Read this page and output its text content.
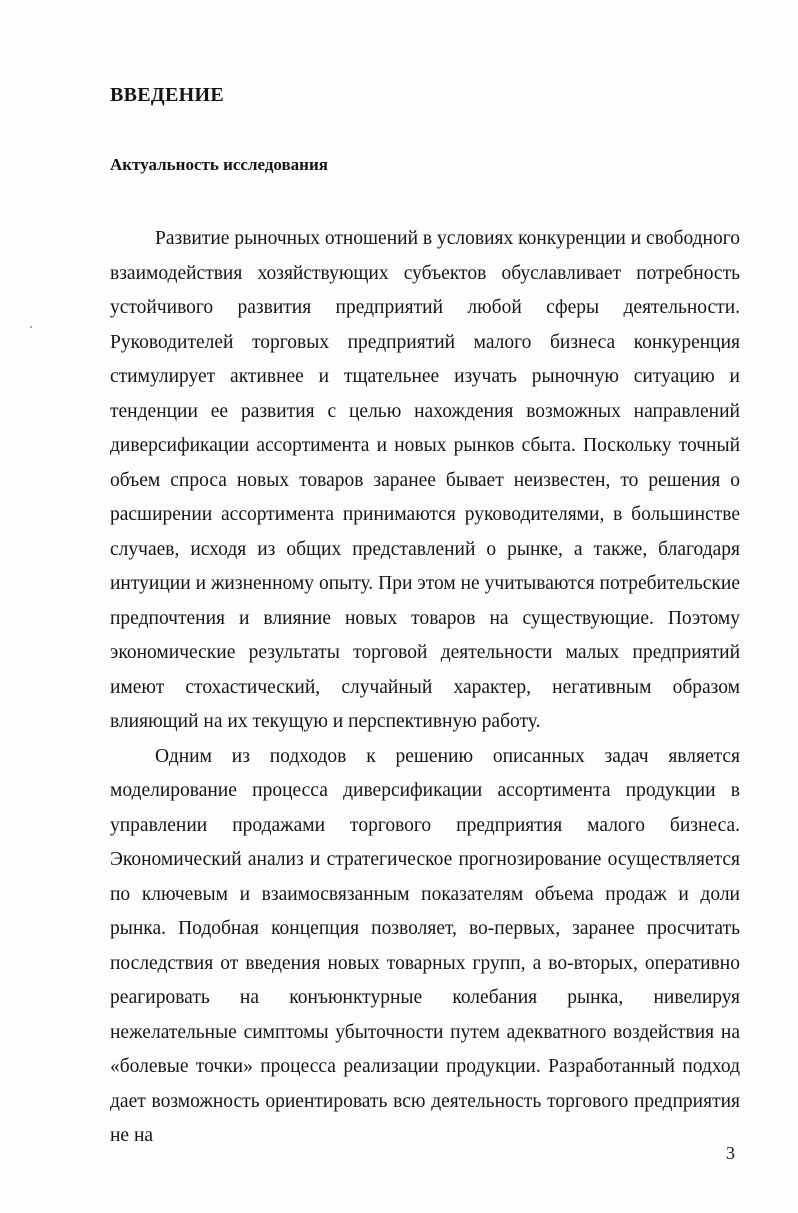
ВВЕДЕНИЕ
Актуальность исследования

Развитие рыночных отношений в условиях конкуренции и свободного взаимодействия хозяйствующих субъектов обуславливает потребность устойчивого развития предприятий любой сферы деятельности. Руководителей торговых предприятий малого бизнеса конкуренция стимулирует активнее и тщательнее изучать рыночную ситуацию и тенденции ее развития с целью нахождения возможных направлений диверсификации ассортимента и новых рынков сбыта. Поскольку точный объем спроса новых товаров заранее бывает неизвестен, то решения о расширении ассортимента принимаются руководителями, в большинстве случаев, исходя из общих представлений о рынке, а также, благодаря интуиции и жизненному опыту. При этом не учитываются потребительские предпочтения и влияние новых товаров на существующие. Поэтому экономические результаты торговой деятельности малых предприятий имеют стохастический, случайный характер, негативным образом влияющий на их текущую и перспективную работу.

Одним из подходов к решению описанных задач является моделирование процесса диверсификации ассортимента продукции в управлении продажами торгового предприятия малого бизнеса. Экономический анализ и стратегическое прогнозирование осуществляется по ключевым и взаимосвязанным показателям объема продаж и доли рынка. Подобная концепция позволяет, во-первых, заранее просчитать последствия от введения новых товарных групп, а во-вторых, оперативно реагировать на конъюнктурные колебания рынка, нивелируя нежелательные симптомы убыточности путем адекватного воздействия на «болевые точки» процесса реализации продукции. Разработанный подход дает возможность ориентировать всю деятельность торгового предприятия не на

3
